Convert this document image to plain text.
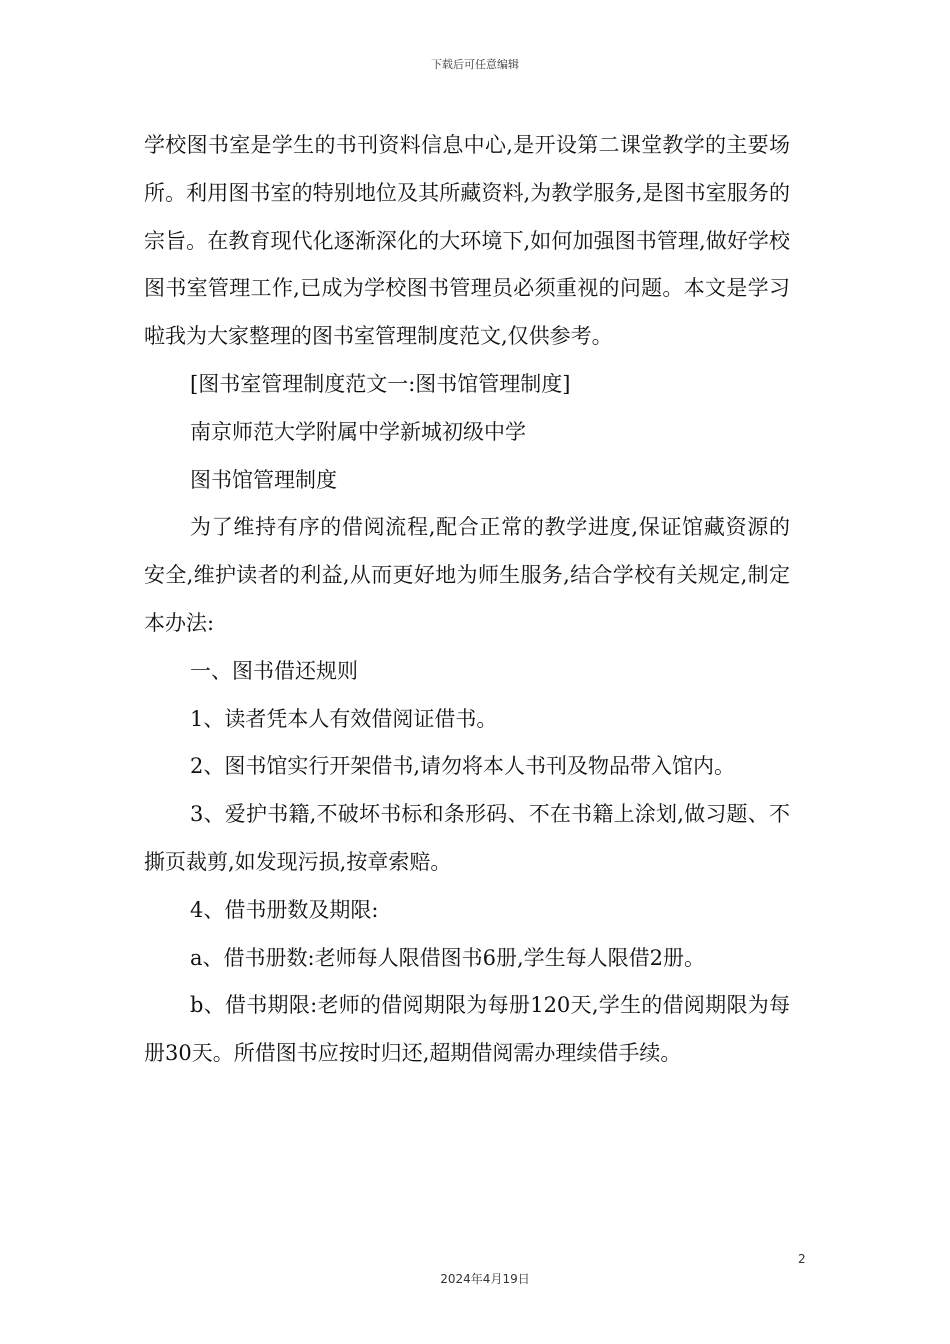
下载后可任意编辑

学校图书室是学生的书刊资料信息中心,是开设第二课堂教学的主要场所。利用图书室的特别地位及其所藏资料,为教学服务,是图书室服务的宗旨。在教育现代化逐渐深化的大环境下,如何加强图书管理,做好学校图书室管理工作,已成为学校图书管理员必须重视的问题。本文是学习啦我为大家整理的图书室管理制度范文,仅供参考。

[图书室管理制度范文一:图书馆管理制度]

南京师范大学附属中学新城初级中学

图书馆管理制度

为了维持有序的借阅流程,配合正常的教学进度,保证馆藏资源的安全,维护读者的利益,从而更好地为师生服务,结合学校有关规定,制定本办法:

一、图书借还规则

1、读者凭本人有效借阅证借书。

2、图书馆实行开架借书,请勿将本人书刊及物品带入馆内。

3、爱护书籍,不破坏书标和条形码、不在书籍上涂划,做习题、不撕页裁剪,如发现污损,按章索赔。

4、借书册数及期限:

a、借书册数:老师每人限借图书6册,学生每人限借2册。

b、借书期限:老师的借阅期限为每册120天,学生的借阅期限为每册30天。所借图书应按时归还,超期借阅需办理续借手续。

2
2024年4月19日
